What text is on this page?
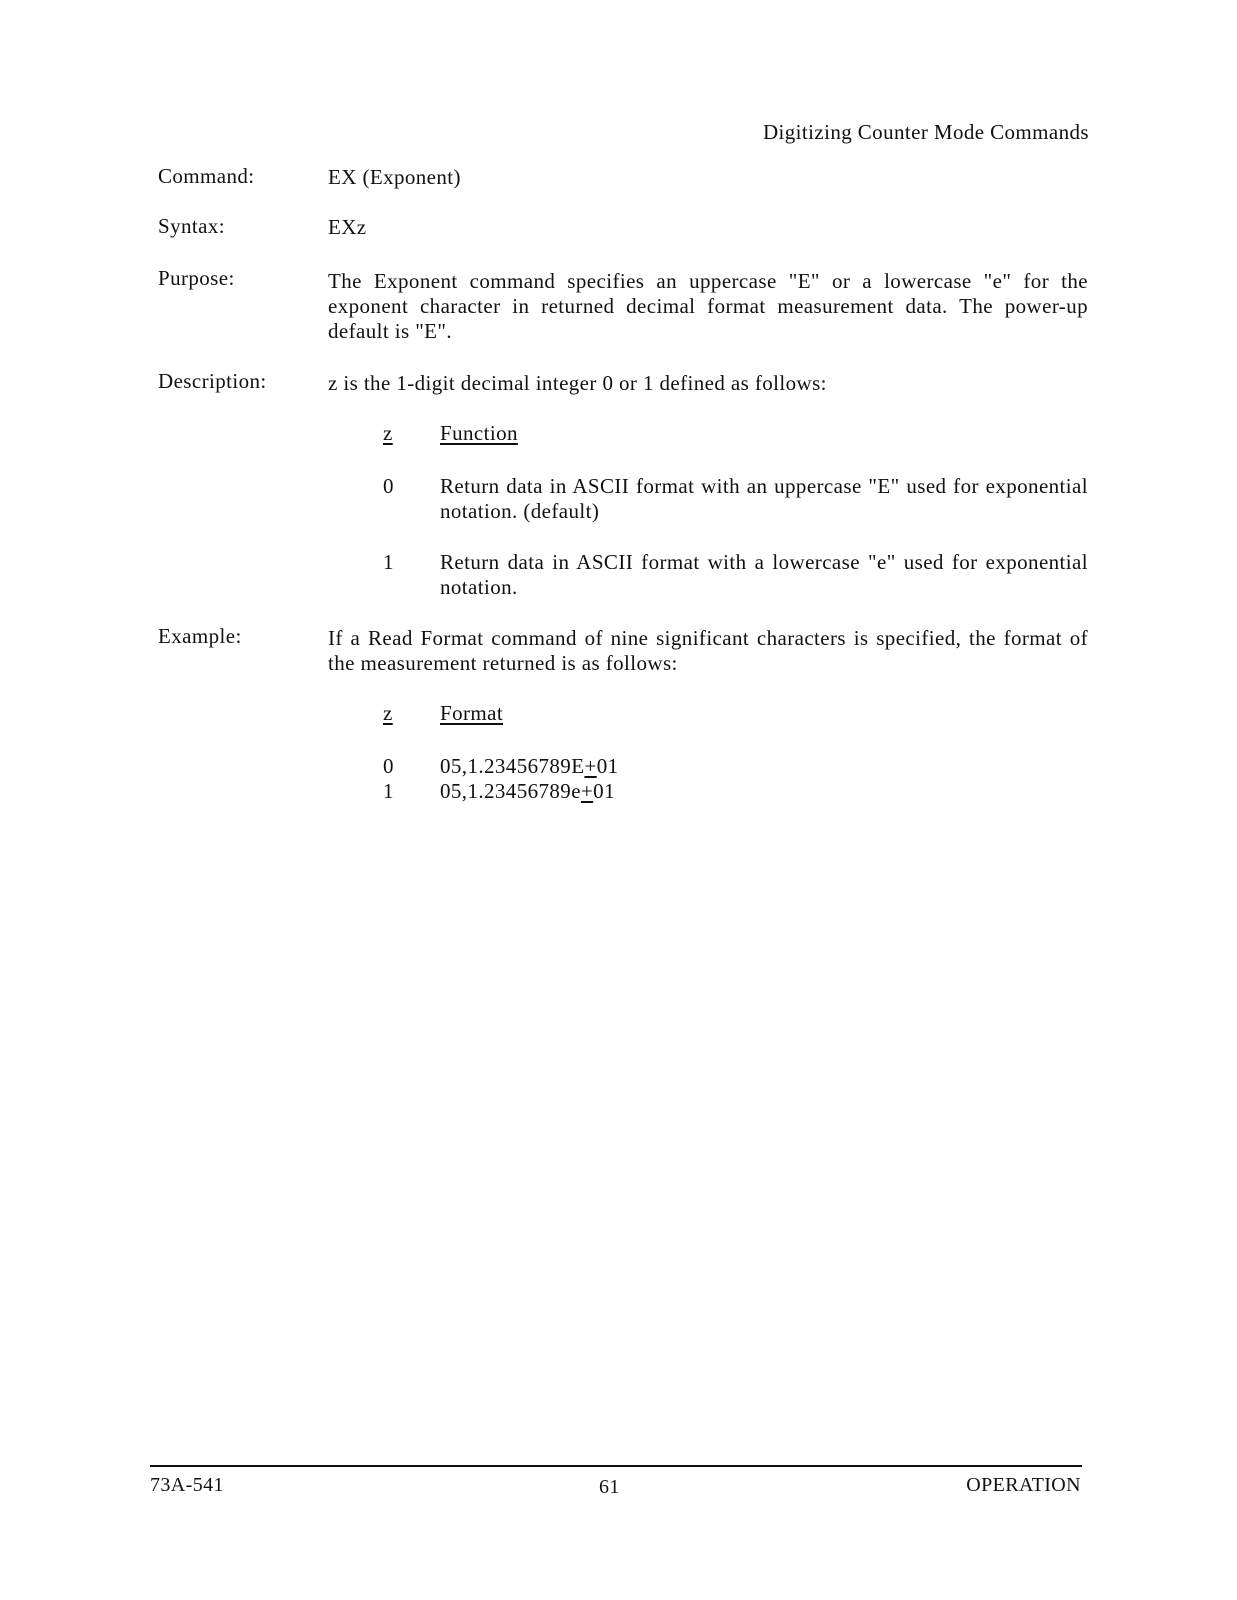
Digitizing Counter Mode Commands
Command:	EX (Exponent)
Syntax:	EXz
Purpose:	The Exponent command specifies an uppercase "E" or a lowercase "e" for the exponent character in returned decimal format measurement data. The power-up default is "E".
Description:	z is the 1-digit decimal integer 0 or 1 defined as follows:
z Function
0 Return data in ASCII format with an uppercase "E" used for exponential notation. (default)
1 Return data in ASCII format with a lowercase "e" used for exponential notation.
Example:	If a Read Format command of nine significant characters is specified, the format of the measurement returned is as follows:
z Format
0 05,1.23456789E+01
1 05,1.23456789e+01
73A-541	61	OPERATION
